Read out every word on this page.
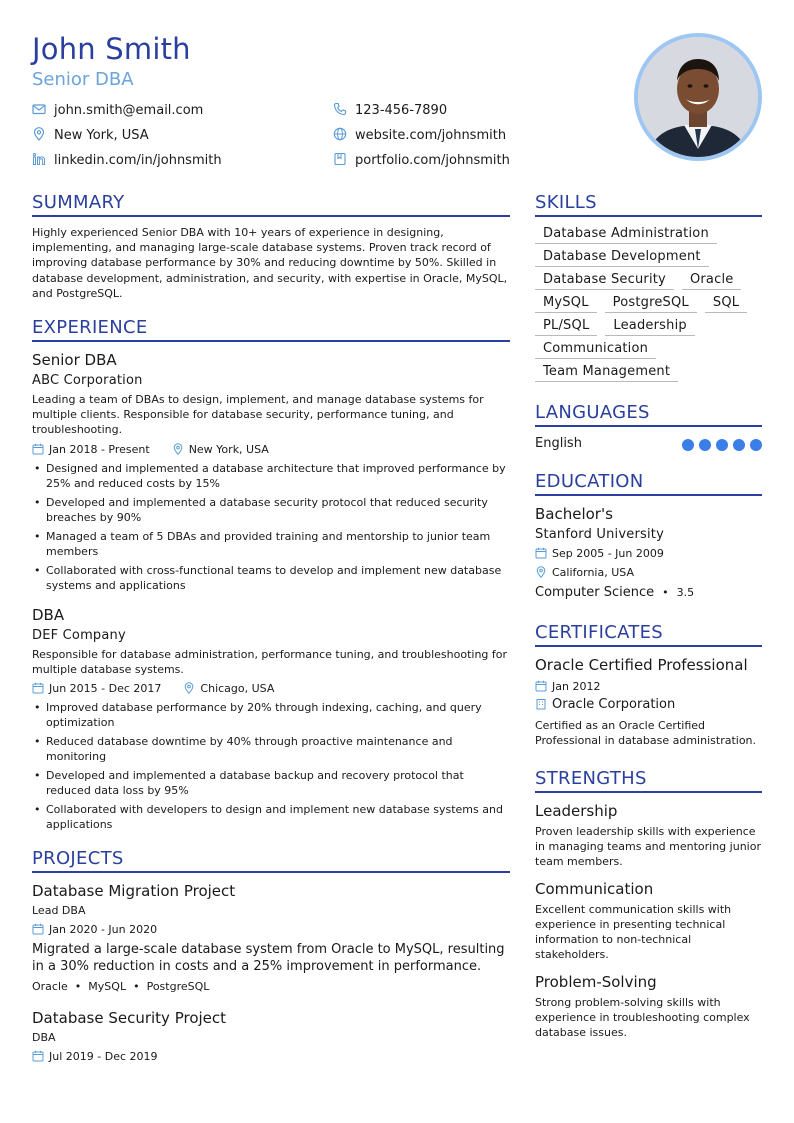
John Smith
Senior DBA
john.smith@email.com	123-456-7890
New York, USA	website.com/johnsmith
linkedin.com/in/johnsmith	portfolio.com/johnsmith
SUMMARY
Highly experienced Senior DBA with 10+ years of experience in designing, implementing, and managing large-scale database systems. Proven track record of improving database performance by 30% and reducing downtime by 50%. Skilled in database development, administration, and security, with expertise in Oracle, MySQL, and PostgreSQL.
EXPERIENCE
Senior DBA
ABC Corporation
Leading a team of DBAs to design, implement, and manage database systems for multiple clients. Responsible for database security, performance tuning, and troubleshooting.
Jan 2018 - Present	New York, USA
• Designed and implemented a database architecture that improved performance by 25% and reduced costs by 15%
• Developed and implemented a database security protocol that reduced security breaches by 90%
• Managed a team of 5 DBAs and provided training and mentorship to junior team members
• Collaborated with cross-functional teams to develop and implement new database systems and applications
DBA
DEF Company
Responsible for database administration, performance tuning, and troubleshooting for multiple database systems.
Jun 2015 - Dec 2017	Chicago, USA
• Improved database performance by 20% through indexing, caching, and query optimization
• Reduced database downtime by 40% through proactive maintenance and monitoring
• Developed and implemented a database backup and recovery protocol that reduced data loss by 95%
• Collaborated with developers to design and implement new database systems and applications
PROJECTS
Database Migration Project
Lead DBA
Jan 2020 - Jun 2020
Migrated a large-scale database system from Oracle to MySQL, resulting in a 30% reduction in costs and a 25% improvement in performance.
Oracle • MySQL • PostgreSQL
Database Security Project
DBA
Jul 2019 - Dec 2019
SKILLS
Database Administration
Database Development
Database Security	Oracle
MySQL	PostgreSQL	SQL
PL/SQL	Leadership
Communication
Team Management
LANGUAGES
English
EDUCATION
Bachelor's
Stanford University
Sep 2005 - Jun 2009
California, USA
Computer Science • 3.5
CERTIFICATES
Oracle Certified Professional
Jan 2012
Oracle Corporation
Certified as an Oracle Certified Professional in database administration.
STRENGTHS
Leadership
Proven leadership skills with experience in managing teams and mentoring junior team members.
Communication
Excellent communication skills with experience in presenting technical information to non-technical stakeholders.
Problem-Solving
Strong problem-solving skills with experience in troubleshooting complex database issues.
